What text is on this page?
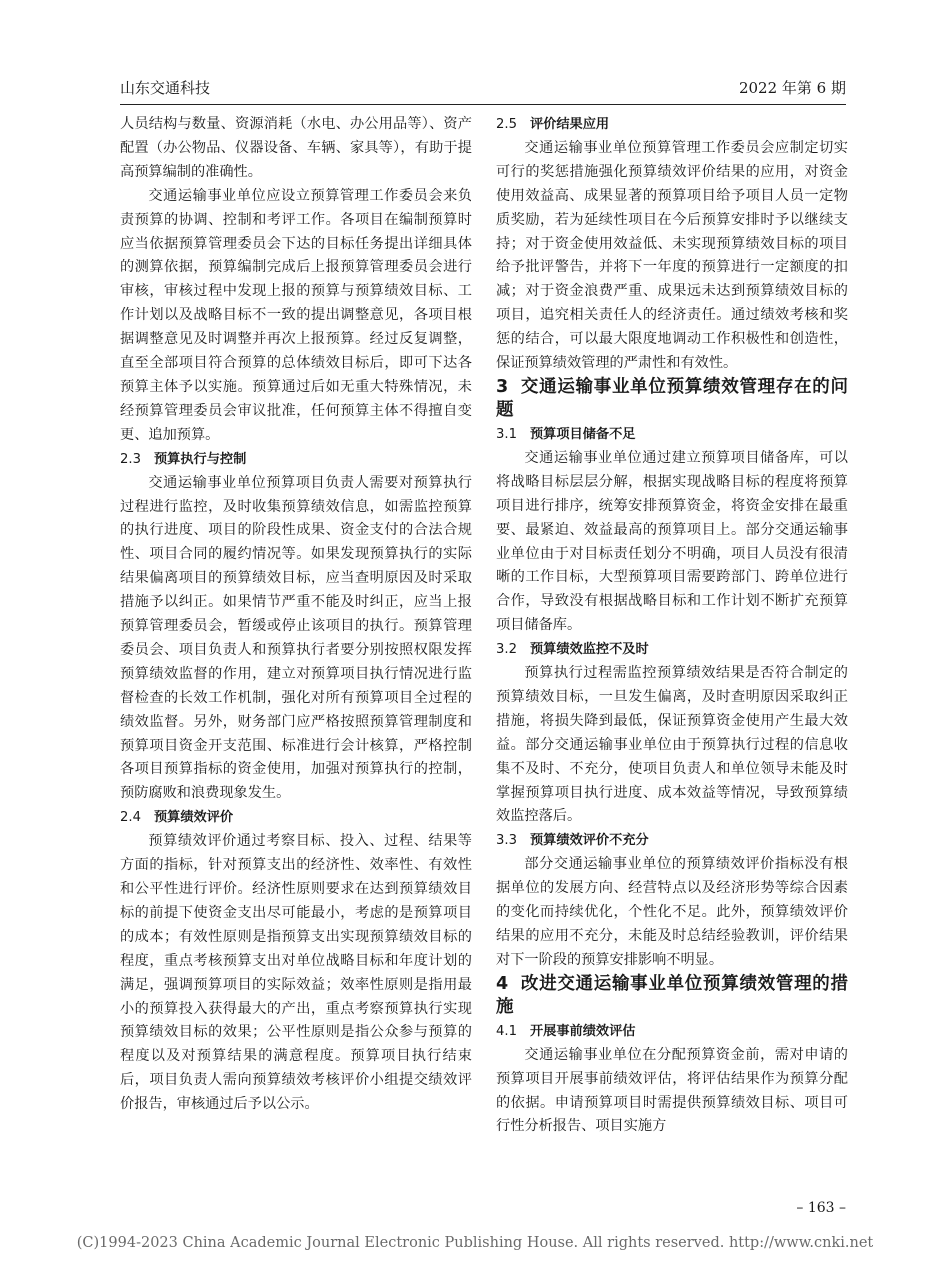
山东交通科技	2022 年第 6 期

人员结构与数量、资源消耗（水电、办公用品等）、资产配置（办公物品、仪器设备、车辆、家具等），有助于提高预算编制的准确性。

交通运输事业单位应设立预算管理工作委员会来负责预算的协调、控制和考评工作。各项目在编制预算时应当依据预算管理委员会下达的目标任务提出详细具体的测算依据，预算编制完成后上报预算管理委员会进行审核，审核过程中发现上报的预算与预算绩效目标、工作计划以及战略目标不一致的提出调整意见，各项目根据调整意见及时调整并再次上报预算。经过反复调整，直至全部项目符合预算的总体绩效目标后，即可下达各预算主体予以实施。预算通过后如无重大特殊情况，未经预算管理委员会审议批准，任何预算主体不得擅自变更、追加预算。

2.3 预算执行与控制

交通运输事业单位预算项目负责人需要对预算执行过程进行监控，及时收集预算绩效信息，如需监控预算的执行进度、项目的阶段性成果、资金支付的合法合规性、项目合同的履约情况等。如果发现预算执行的实际结果偏离项目的预算绩效目标，应当查明原因及时采取措施予以纠正。如果情节严重不能及时纠正，应当上报预算管理委员会，暂缓或停止该项目的执行。预算管理委员会、项目负责人和预算执行者要分别按照权限发挥预算绩效监督的作用，建立对预算项目执行情况进行监督检查的长效工作机制，强化对所有预算项目全过程的绩效监督。另外，财务部门应严格按照预算管理制度和预算项目资金开支范围、标准进行会计核算，严格控制各项目预算指标的资金使用，加强对预算执行的控制，预防腐败和浪费现象发生。

2.4 预算绩效评价

预算绩效评价通过考察目标、投入、过程、结果等方面的指标，针对预算支出的经济性、效率性、有效性和公平性进行评价。经济性原则要求在达到预算绩效目标的前提下使资金支出尽可能最小，考虑的是预算项目的成本；有效性原则是指预算支出实现预算绩效目标的程度，重点考核预算支出对单位战略目标和年度计划的满足，强调预算项目的实际效益；效率性原则是指用最小的预算投入获得最大的产出，重点考察预算执行实现预算绩效目标的效果；公平性原则是指公众参与预算的程度以及对预算结果的满意程度。预算项目执行结束后，项目负责人需向预算绩效考核评价小组提交绩效评价报告，审核通过后予以公示。

2.5 评价结果应用

交通运输事业单位预算管理工作委员会应制定切实可行的奖惩措施强化预算绩效评价结果的应用，对资金使用效益高、成果显著的预算项目给予项目人员一定物质奖励，若为延续性项目在今后预算安排时予以继续支持；对于资金使用效益低、未实现预算绩效目标的项目给予批评警告，并将下一年度的预算进行一定额度的扣减；对于资金浪费严重、成果远未达到预算绩效目标的项目，追究相关责任人的经济责任。通过绩效考核和奖惩的结合，可以最大限度地调动工作积极性和创造性，保证预算绩效管理的严肃性和有效性。

3 交通运输事业单位预算绩效管理存在的问题
3.1 预算项目储备不足

交通运输事业单位通过建立预算项目储备库，可以将战略目标层层分解，根据实现战略目标的程度将预算项目进行排序，统筹安排预算资金，将资金安排在最重要、最紧迫、效益最高的预算项目上。部分交通运输事业单位由于对目标责任划分不明确，项目人员没有很清晰的工作目标，大型预算项目需要跨部门、跨单位进行合作，导致没有根据战略目标和工作计划不断扩充预算项目储备库。

3.2 预算绩效监控不及时

预算执行过程需监控预算绩效结果是否符合制定的预算绩效目标，一旦发生偏离，及时查明原因采取纠正措施，将损失降到最低，保证预算资金使用产生最大效益。部分交通运输事业单位由于预算执行过程的信息收集不及时、不充分，使项目负责人和单位领导未能及时掌握预算项目执行进度、成本效益等情况，导致预算绩效监控落后。

3.3 预算绩效评价不充分

部分交通运输事业单位的预算绩效评价指标没有根据单位的发展方向、经营特点以及经济形势等综合因素的变化而持续优化，个性化不足。此外，预算绩效评价结果的应用不充分，未能及时总结经验教训，评价结果对下一阶段的预算安排影响不明显。

4 改进交通运输事业单位预算绩效管理的措施
4.1 开展事前绩效评估

交通运输事业单位在分配预算资金前，需对申请的预算项目开展事前绩效评估，将评估结果作为预算分配的依据。申请预算项目时需提供预算绩效目标、项目可行性分析报告、项目实施方

– 163 –
(C)1994-2023 China Academic Journal Electronic Publishing House. All rights reserved. http://www.cnki.net
